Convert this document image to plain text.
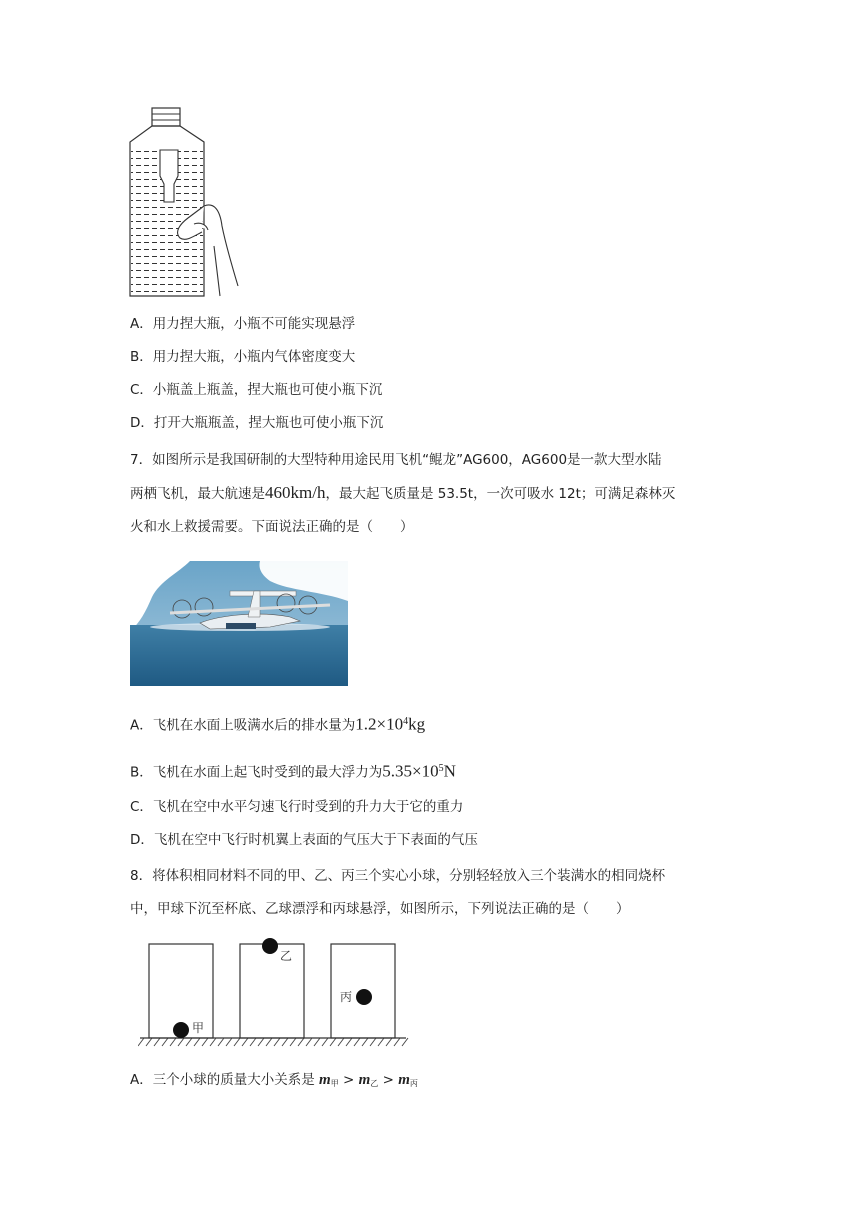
A．用力捏大瓶，小瓶不可能实现悬浮
B．用力捏大瓶，小瓶内气体密度变大
C．小瓶盖上瓶盖，捏大瓶也可使小瓶下沉
D．打开大瓶瓶盖，捏大瓶也可使小瓶下沉
7．如图所示是我国研制的大型特种用途民用飞机“鲲龙”AG600，AG600是一款大型水陆
两栖飞机，最大航速是460km/h，最大起飞质量是 53.5t，一次可吸水 12t；可满足森林灭
火和水上救援需要。下面说法正确的是（　　）
A．飞机在水面上吸满水后的排水量为$1.2\times 10^4kg$
B．飞机在水面上起飞时受到的最大浮力为$5.35\times 10^5N$
C．飞机在空中水平匀速飞行时受到的升力大于它的重力
D．飞机在空中飞行时机翼上表面的气压大于下表面的气压
8．将体积相同材料不同的甲、乙、丙三个实心小球，分别轻轻放入三个装满水的相同烧杯
中，甲球下沉至杯底、乙球漂浮和丙球悬浮，如图所示，下列说法正确的是（　　）
甲
乙
丙
A．三个小球的质量大小关系是 m甲 > m乙 > m丙
